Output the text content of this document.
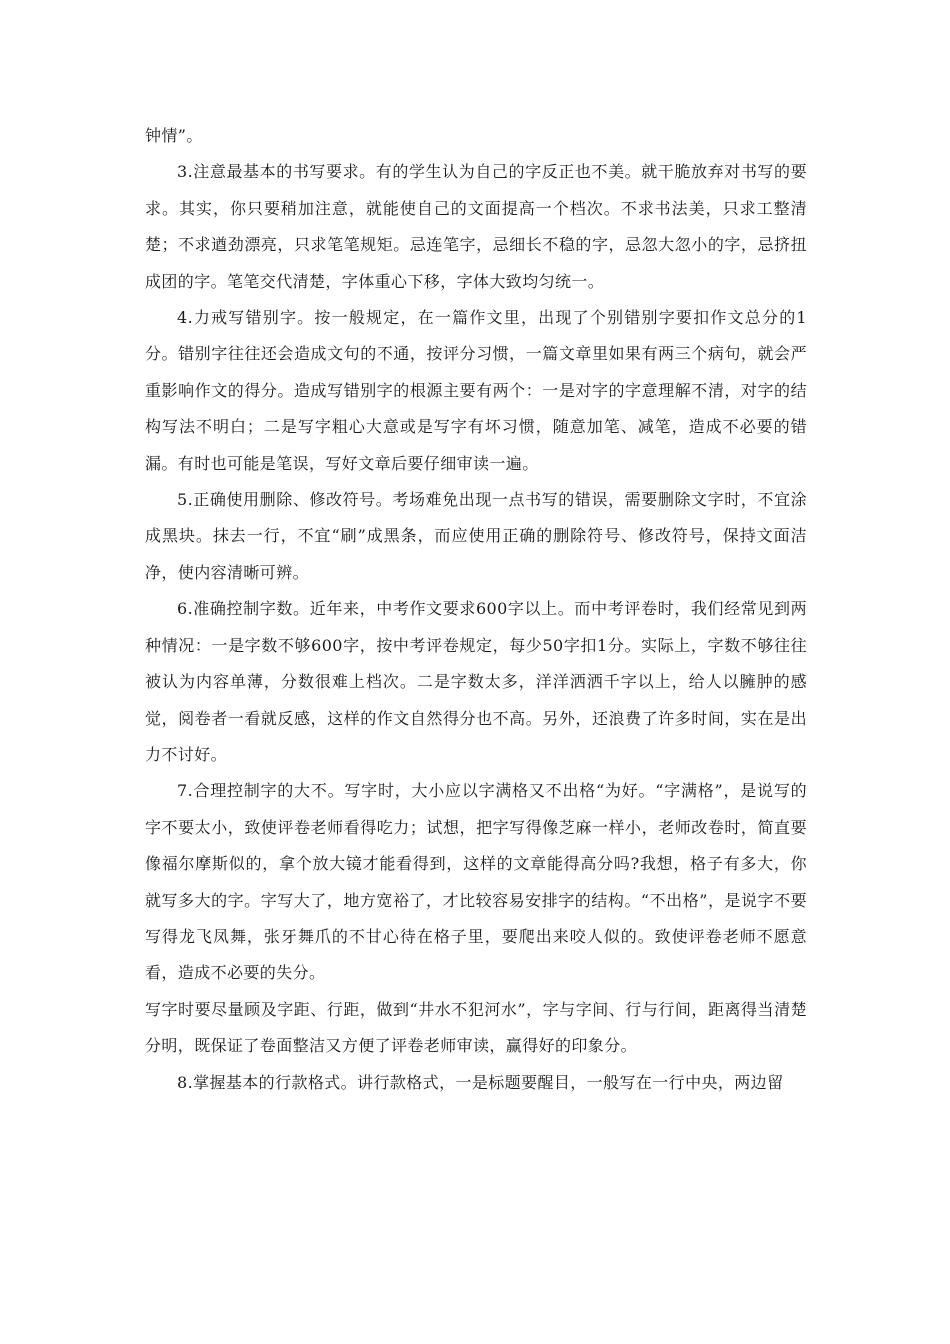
钟情”。

3.注意最基本的书写要求。有的学生认为自己的字反正也不美。就干脆放弃对书写的要求。其实，你只要稍加注意，就能使自己的文面提高一个档次。不求书法美，只求工整清楚；不求遒劲漂亮，只求笔笔规矩。忌连笔字，忌细长不稳的字，忌忽大忽小的字，忌挤扭成团的字。笔笔交代清楚，字体重心下移，字体大致均匀统一。

4.力戒写错别字。按一般规定，在一篇作文里，出现了个别错别字要扣作文总分的1分。错别字往往还会造成文句的不通，按评分习惯，一篇文章里如果有两三个病句，就会严重影响作文的得分。造成写错别字的根源主要有两个：一是对字的字意理解不清，对字的结构写法不明白；二是写字粗心大意或是写字有坏习惯，随意加笔、减笔，造成不必要的错漏。有时也可能是笔误，写好文章后要仔细审读一遍。

5.正确使用删除、修改符号。考场难免出现一点书写的错误，需要删除文字时，不宜涂成黑块。抹去一行，不宜“刷”成黑条，而应使用正确的删除符号、修改符号，保持文面洁净，使内容清晰可辨。

6.准确控制字数。近年来，中考作文要求600字以上。而中考评卷时，我们经常见到两种情况：一是字数不够600字，按中考评卷规定，每少50字扣1分。实际上，字数不够往往被认为内容单薄，分数很难上档次。二是字数太多，洋洋洒洒千字以上，给人以臃肿的感觉，阅卷者一看就反感，这样的作文自然得分也不高。另外，还浪费了许多时间，实在是出力不讨好。

7.合理控制字的大不。写字时，大小应以字满格又不出格“为好。“字满格”，是说写的字不要太小，致使评卷老师看得吃力；试想，把字写得像芝麻一样小，老师改卷时，简直要像福尔摩斯似的，拿个放大镜才能看得到，这样的文章能得高分吗?我想，格子有多大，你就写多大的字。字写大了，地方宽裕了，才比较容易安排字的结构。“不出格”，是说字不要写得龙飞凤舞，张牙舞爪的不甘心待在格子里，要爬出来咬人似的。致使评卷老师不愿意看，造成不必要的失分。

写字时要尽量顾及字距、行距，做到“井水不犯河水”，字与字间、行与行间，距离得当清楚分明，既保证了卷面整洁又方便了评卷老师审读，赢得好的印象分。

8.掌握基本的行款格式。讲行款格式，一是标题要醒目，一般写在一行中央，两边留
